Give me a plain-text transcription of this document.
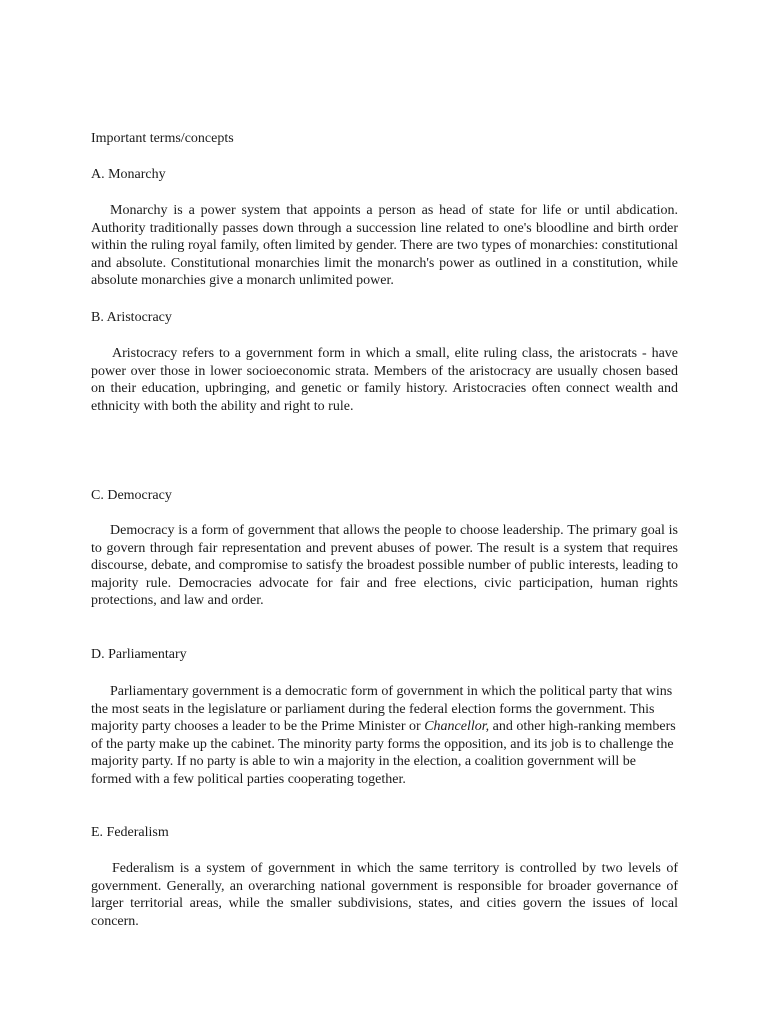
Important terms/concepts
A. Monarchy

Monarchy is a power system that appoints a person as head of state for life or until abdication. Authority traditionally passes down through a succession line related to one's bloodline and birth order within the ruling royal family, often limited by gender. There are two types of monarchies: constitutional and absolute. Constitutional monarchies limit the monarch's power as outlined in a constitution, while absolute monarchies give a monarch unlimited power.

B. Aristocracy

Aristocracy refers to a government form in which a small, elite ruling class, the aristocrats - have power over those in lower socioeconomic strata. Members of the aristocracy are usually chosen based on their education, upbringing, and genetic or family history. Aristocracies often connect wealth and ethnicity with both the ability and right to rule.

C. Democracy

Democracy is a form of government that allows the people to choose leadership. The primary goal is to govern through fair representation and prevent abuses of power. The result is a system that requires discourse, debate, and compromise to satisfy the broadest possible number of public interests, leading to majority rule. Democracies advocate for fair and free elections, civic participation, human rights protections, and law and order.

D. Parliamentary

Parliamentary government is a democratic form of government in which the political party that wins the most seats in the legislature or parliament during the federal election forms the government. This majority party chooses a leader to be the Prime Minister or Chancellor, and other high-ranking members of the party make up the cabinet. The minority party forms the opposition, and its job is to challenge the majority party. If no party is able to win a majority in the election, a coalition government will be formed with a few political parties cooperating together.

E. Federalism

Federalism is a system of government in which the same territory is controlled by two levels of government. Generally, an overarching national government is responsible for broader governance of larger territorial areas, while the smaller subdivisions, states, and cities govern the issues of local concern.
